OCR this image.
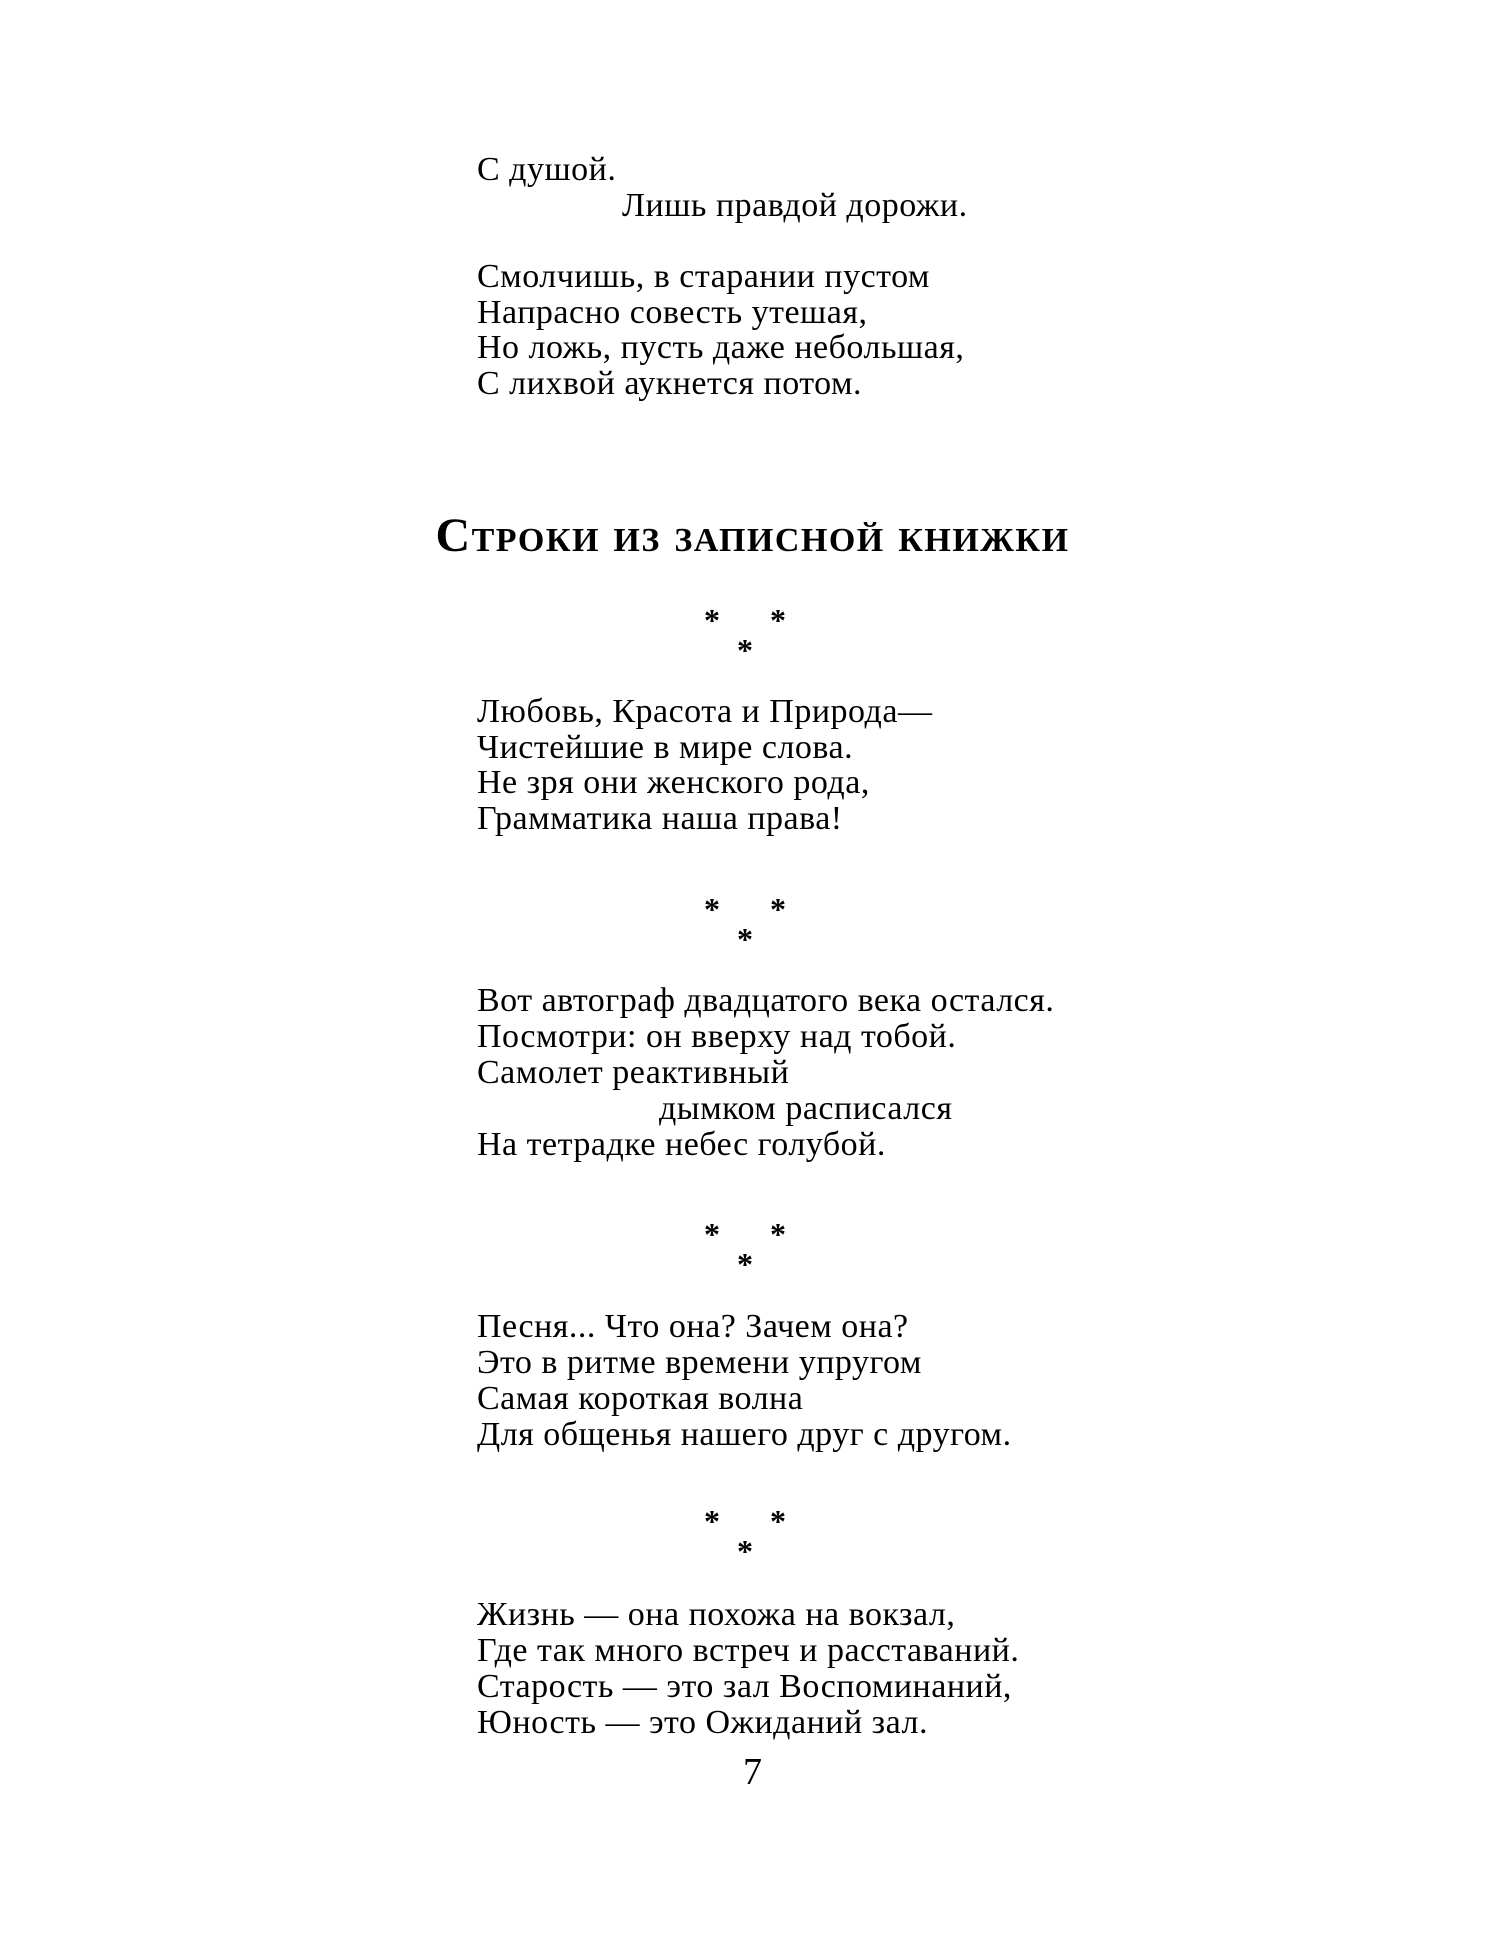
С душой.
Лишь правдой дорожи.
Смолчишь, в старании пустом
Напрасно совесть утешая,
Но ложь, пусть даже небольшая,
С лихвой аукнется потом.
Строки из записной книжки
* *
*
Любовь, Красота и Природа—
Чистейшие в мире слова.
Не зря они женского рода,
Грамматика наша права!
* *
*
Вот автограф двадцатого века остался.
Посмотри: он вверху над тобой.
Самолет реактивный
дымком расписался
На тетрадке небес голубой.
* *
*
Песня... Что она? Зачем она?
Это в ритме времени упругом
Самая короткая волна
Для общенья нашего друг с другом.
* *
*
Жизнь — она похожа на вокзал,
Где так много встреч и расставаний.
Старость — это зал Воспоминаний,
Юность — это Ожиданий зал.
7
